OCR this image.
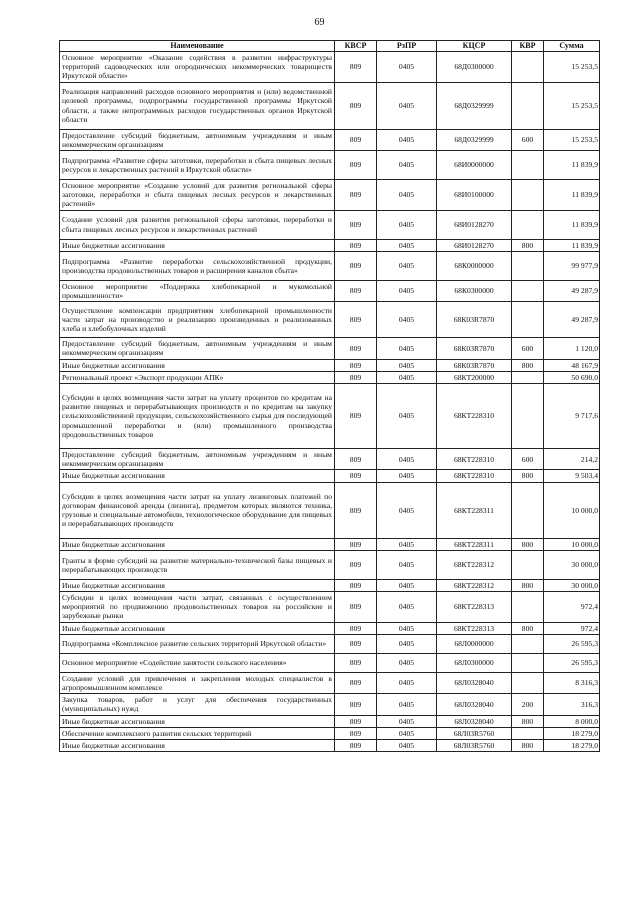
69
Наименование	КВСР	РзПР	КЦСР	КВР	Сумма
Основное мероприятие «Оказание содействия в развитии инфраструктуры территорий садоводческих или огороднических некоммерческих товариществ Иркутской области»	809	0405	68Д0300000		15 253,5
Реализация направлений расходов основного мероприятия и (или) ведомственной целевой программы, подпрограммы государственной программы Иркутской области, а также непрограммных расходов государственных органов Иркутской области	809	0405	68Д0329999		15 253,5
Предоставление субсидий бюджетным, автономным учреждениям и иным некоммерческим организациям	809	0405	68Д0329999	600	15 253,5
Подпрограмма «Развитие сферы заготовки, переработки и сбыта пищевых лесных ресурсов и лекарственных растений в Иркутской области»	809	0405	68И0000000		11 839,9
Основное мероприятие «Создание условий для развития региональной сферы заготовки, переработки и сбыта пищевых лесных ресурсов и лекарственных растений»	809	0405	68И0100000		11 839,9
Создание условий для развития региональной сферы заготовки, переработки и сбыта пищевых лесных ресурсов и лекарственных растений	809	0405	68И0128270		11 839,9
Иные бюджетные ассигнования	809	0405	68И0128270	800	11 839,9
Подпрограмма «Развитие переработки сельскохозяйственной продукции, производства продовольственных товаров и расширения каналов сбыта»	809	0405	68К0000000		99 977,9
Основное мероприятие «Поддержка хлебопекарной и мукомольной промышленности»	809	0405	68К0300000		49 287,9
Осуществление компенсации предприятиям хлебопекарной промышленности части затрат на производство и реализацию произведенных и реализованных хлеба и хлебобулочных изделий	809	0405	68К03R7870		49 287,9
Предоставление субсидий бюджетным, автономным учреждениям и иным некоммерческим организациям	809	0405	68К03R7870	600	1 120,0
Иные бюджетные ассигнования	809	0405	68К03R7870	800	48 167,9
Региональный проект «Экспорт продукции АПК»	809	0405	68КТ200000		50 690,0
Субсидии в целях возмещения части затрат на уплату процентов по кредитам на развитие пищевых и перерабатывающих производств и по кредитам на закупку сельскохозяйственной продукции, сельскохозяйственного сырья для последующей промышленной переработки и (или) промышленного производства продовольственных товаров	809	0405	68КТ228310		9 717,6
Предоставление субсидий бюджетным, автономным учреждениям и иным некоммерческим организациям	809	0405	68КТ228310	600	214,2
Иные бюджетные ассигнования	809	0405	68КТ228310	800	9 503,4
Субсидии в целях возмещения части затрат на уплату лизинговых платежей по договорам финансовой аренды (лизинга), предметом которых являются техника, грузовые и специальные автомобили, технологическое оборудование для пищевых и перерабатывающих производств	809	0405	68КТ228311		10 000,0
Иные бюджетные ассигнования	809	0405	68КТ228311	800	10 000,0
Гранты в форме субсидий на развитие материально-технической базы пищевых и перерабатывающих производств	809	0405	68КТ228312		30 000,0
Иные бюджетные ассигнования	809	0405	68КТ228312	800	30 000,0
Субсидии в целях возмещения части затрат, связанных с осуществлением мероприятий по продвижению продовольственных товаров на российские и зарубежные рынки	809	0405	68КТ228313		972,4
Иные бюджетные ассигнования	809	0405	68КТ228313	800	972,4
Подпрограмма «Комплексное развитие сельских территорий Иркутской области»	809	0405	68Л0000000		26 595,3
Основное мероприятие «Содействие занятости сельского населения»	809	0405	68Л0300000		26 595,3
Создание условий для привлечения и закрепления молодых специалистов в агропромышленном комплексе	809	0405	68Л0328040		8 316,3
Закупка товаров, работ и услуг для обеспечения государственных (муниципальных) нужд	809	0405	68Л0328040	200	316,3
Иные бюджетные ассигнования	809	0405	68Л0328040	800	8 000,0
Обеспечение комплексного развития сельских территорий	809	0405	68Л03R5760		18 279,0
Иные бюджетные ассигнования	809	0405	68Л03R5760	800	18 279,0
